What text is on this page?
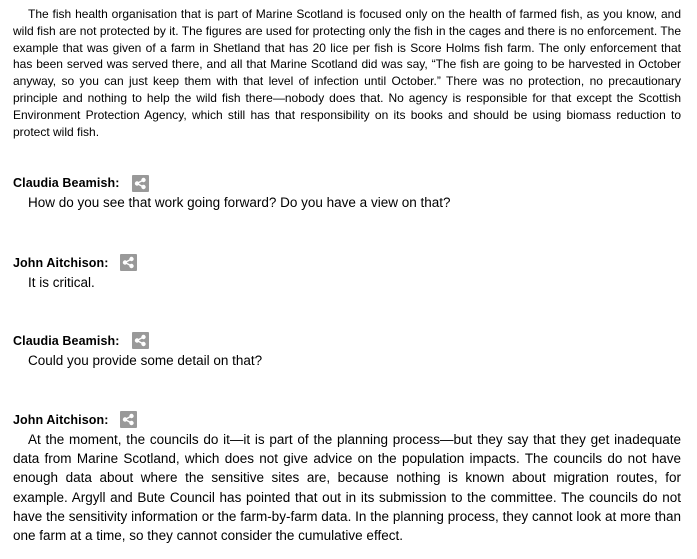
The fish health organisation that is part of Marine Scotland is focused only on the health of farmed fish, as you know, and wild fish are not protected by it. The figures are used for protecting only the fish in the cages and there is no enforcement. The example that was given of a farm in Shetland that has 20 lice per fish is Score Holms fish farm. The only enforcement that has been served was served there, and all that Marine Scotland did was say, “The fish are going to be harvested in October anyway, so you can just keep them with that level of infection until October.” There was no protection, no precautionary principle and nothing to help the wild fish there—nobody does that. No agency is responsible for that except the Scottish Environment Protection Agency, which still has that responsibility on its books and should be using biomass reduction to protect wild fish.

Claudia Beamish:

How do you see that work going forward? Do you have a view on that?

John Aitchison:

It is critical.

Claudia Beamish:

Could you provide some detail on that?

John Aitchison:

At the moment, the councils do it—it is part of the planning process—but they say that they get inadequate data from Marine Scotland, which does not give advice on the population impacts. The councils do not have enough data about where the sensitive sites are, because nothing is known about migration routes, for example. Argyll and Bute Council has pointed that out in its submission to the committee. The councils do not have the sensitivity information or the farm-by-farm data. In the planning process, they cannot look at more than one farm at a time, so they cannot consider the cumulative effect.
